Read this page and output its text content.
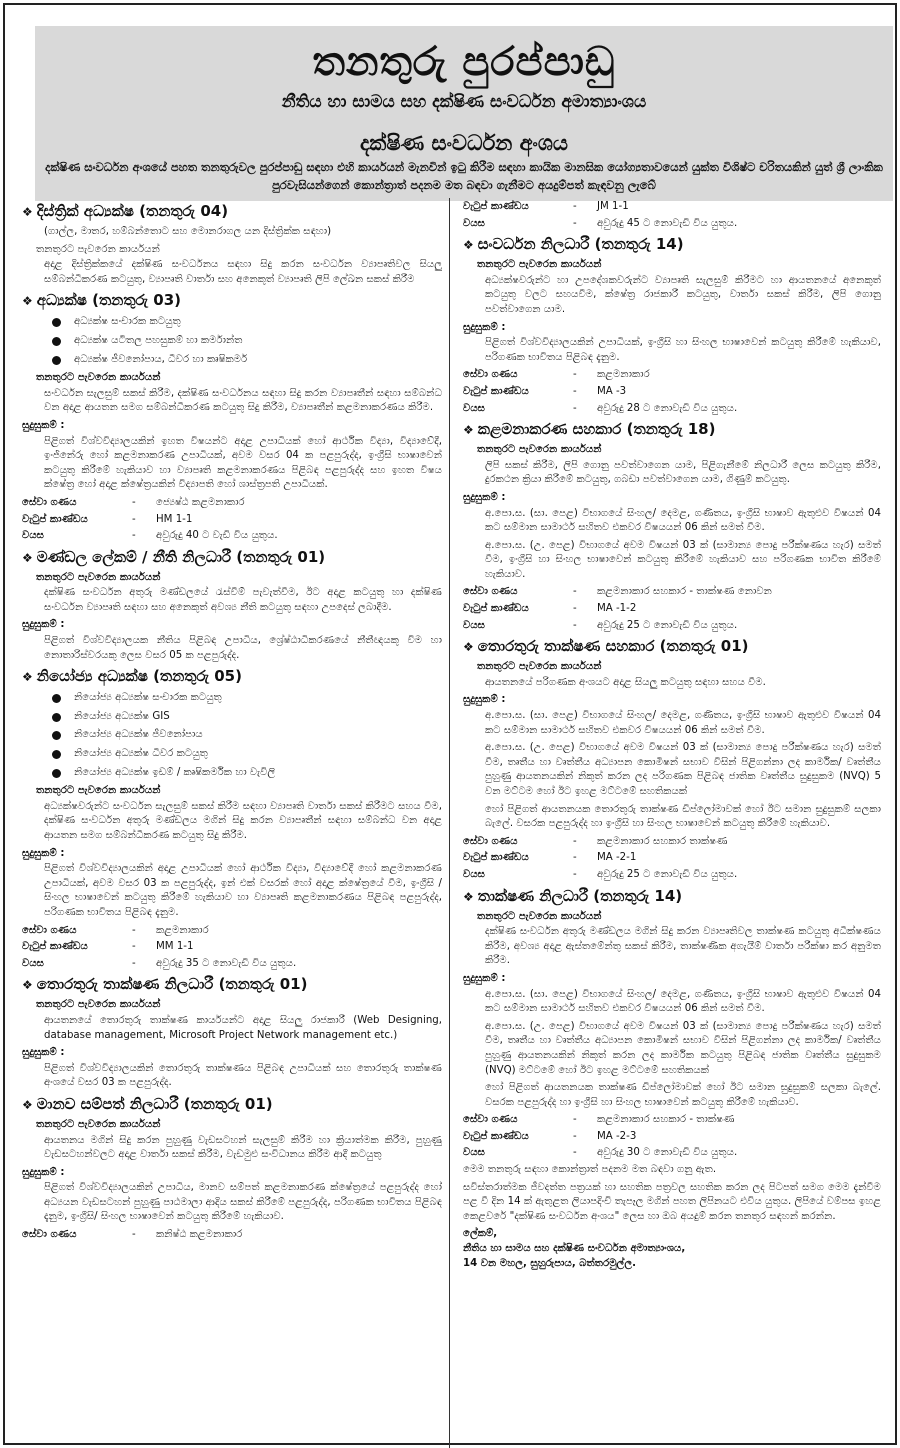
තනතුරු පුරප්පාඩු
නීතිය හා සාමය සහ දක්ෂිණ සංවර්ධන අමාත්‍යාංශය
දක්ෂිණ සංවර්ධන අංශය
දක්ෂිණ සංවර්ධන අංශයේ පහත තනතුරුවල පුරප්පාඩු සඳහා එහි කාර්යයන් මැනවින් ඉටු කිරීම සඳහා කායික මානසික යෝග්‍යතාවයෙන් යුක්ත විශිෂ්ට චරිතයකින් යුත් ශ්‍රී ලාංකික පුරවැසියන්ගෙන් කොන්ත්‍රාත් පදනම මත බඳවා ගැනීමට අයදුම්පත් කැඳවනු ලැබේ
❖ දිස්ත්‍රික් අධ්‍යක්ෂ (තනතුරු 04)
(ගාල්ල, මාතර, හම්බන්තොට සහ මොනරාගල යන දිස්ත්‍රික්ක සඳහා)
තනතුරට පැවරෙන කාර්යයන්
අදාළ දිස්ත්‍රික්කයේ දක්ෂිණ සංවර්ධනය සඳහා සිදු කරන සංවර්ධන ව්‍යාපෘතිවල සියලු සම්බන්ධීකරණ කටයුතු, ව්‍යාපෘති වාර්තා සහ අනෙකුත් ව්‍යාපෘති ලිපි ලේඛන සකස් කිරීම
❖ අධ්‍යක්ෂ (තනතුරු 03)
අධ්‍යක්ෂ සංචාරක කටයුතු
අධ්‍යක්ෂ යටිතල පහසුකම් හා කර්මාන්ත
අධ්‍යක්ෂ ජීවනෝපාය, ධීවර හා කෘෂිකර්ම
තනතුරට පැවරෙන කාර්යයන්
සංවර්ධන සැලසුම් සකස් කිරීම, දක්ෂිණ සංවර්ධනය සඳහා සිදු කරන ව්‍යාපෘතීන් සඳහා සම්බන්ධ වන අදාළ ආයතන සමග සම්බන්ධීකරණ කටයුතු සිදු කිරීම, ව්‍යාපෘතීන් කළමනාකරණය කිරීම.
සුදුසුකම් :
පිළිගත් විශ්වවිද්‍යාලයකින් ඉහත විෂයන්ට අදාළ උපාධියක් හෝ ආර්ථික විද්‍යා, විද්‍යාවේදී, ඉංජිනේරු හෝ කළමනාකරණ උපාධියක්, අවම වසර 04 ක පළපුරුද්ද, ඉංග්‍රීසි භාෂාවෙන් කටයුතු කිරීමේ හැකියාව හා ව්‍යාපෘති කළමනාකරණය පිළිබඳ පළපුරුද්ද සහ ඉහත විෂය ක්ෂේත්‍ර හෝ අදාළ ක්ෂේත්‍රයකින් විද්‍යාපති හෝ ශාස්ත්‍රපති උපාධියක්.
සේවා ගණය	-	ජ්‍යෙෂ්ඨ කළමනාකාර
වැටුප් කාණ්ඩය	-	HM 1-1
වයස	-	අවුරුදු 40 ට වැඩි විය යුතුය.
❖ මණ්ඩල ලේකම් / නීති නිලධාරී (තනතුරු 01)
තනතුරට පැවරෙන කාර්යයන්
දක්ෂිණ සංවර්ධන අතුරු මණ්ඩලයේ රැස්වීම් පැවැත්වීම, ඊට අදාළ කටයුතු හා දක්ෂිණ සංවර්ධන ව්‍යාපෘති සඳහා සහ අනෙකුත් අවශ්‍ය නීති කටයුතු සඳහා උපදෙස් ලබාදීම.
සුදුසුකම් :
පිළිගත් විශ්වවිද්‍යාලයක නීතිය පිළිබඳ උපාධිය, ශ්‍රේෂ්ඨාධිකරණයේ නීතීඥයකු විම හා නොතාරිස්වරයකු ලෙස වසර 05 ක පළපුරුද්ද.
❖ නියෝජ්‍ය අධ්‍යක්ෂ (තනතුරු 05)
නියෝජ්‍ය අධ්‍යක්ෂ සංචාරක කටයුතු
නියෝජ්‍ය අධ්‍යක්ෂ GIS
නියෝජ්‍ය අධ්‍යක්ෂ ජීවනෝපාය
නියෝජ්‍ය අධ්‍යක්ෂ ධීවර කටයුතු
නියෝජ්‍ය අධ්‍යක්ෂ ඉඩම් / කෘෂිකර්මික හා වැවිලි
තනතුරට පැවරෙන කාර්යයන්
අධ්‍යක්ෂවරුන්ට සංවර්ධන සැලසුම් සකස් කිරීම සඳහා ව්‍යාපෘති වාර්තා සකස් කිරීමට සහය වීම, දක්ෂිණ සංවර්ධන අතුරු මණ්ඩලය මගින් සිදු කරන ව්‍යාපෘතීන් සඳහා සම්බන්ධ වන අදාළ ආයතන සමග සම්බන්ධීකරණ කටයුතු සිදු කිරීම.
සුදුසුකම් :
පිළිගත් විශ්වවිද්‍යාලයකින් අදාළ උපාධියක් හෝ ආර්ථික විද්‍යා, විද්‍යාවේදී හෝ කළමනාකරණ උපාධියක්, අවම වසර 03 ක පළපුරුද්ද, ඉන් එක් වසරක් හෝ අදාළ ක්ෂේත්‍රයේ වීම, ඉංග්‍රීසි / සිංහල භාෂාවෙන් කටයුතු කිරීමේ හැකියාව හා ව්‍යාපෘති කළමනාකරණය පිළිබඳ පළපුරුද්ද, පරිගණක භාවිතය පිළිබඳ දැනුම.
සේවා ගණය	-	කළමනාකාර
වැටුප් කාණ්ඩය	-	MM 1-1
වයස	-	අවුරුදු 35 ට නොවැඩි විය යුතුය.
❖ තොරතුරු තාක්ෂණ නිලධාරී (තනතුරු 01)
තනතුරට පැවරෙන කාර්යයන්
ආයතනයේ තොරතුරු තාක්ෂණ කාර්යයන්ට අදාළ සියලු රාජකාරී (Web Designing, database management, Microsoft Project Network management etc.)
සුදුසුකම් :
පිළිගත් විශ්වවිද්‍යාලයකින් තොරතුරු තාක්ෂණය පිළිබඳ උපාධියක් සහ තොරතුරු තාක්ෂණ අංශයේ වසර 03 ක පළපුරුද්ද.
❖ මානව සම්පත් නිලධාරී (තනතුරු 01)
තනතුරට පැවරෙන කාර්යයන්
ආයතනය මගින් සිදු කරන පුහුණු වැඩසටහන් සැලසුම් කිරීම හා ක්‍රියාත්මක කිරීම, පුහුණු වැඩසටහන්වලට අදාළ වාර්තා සකස් කිරීම, වැඩමුළු සංවිධානය කිරීම ආදී කටයුතු
සුදුසුකම් :
පිළිගත් විශ්වවිද්‍යාලයකින් උපාධිය, මානව සම්පත් කළමනාකරණ ක්ෂේත්‍රයේ පළපුරුද්ද හෝ අධ්‍යයන වැඩසටහන් පුහුණු පාඨමාලා ආදිය සකස් කිරීමේ පළපුරුද්ද, පරිගණක භාවිතය පිළිබඳ දැනුම, ඉංග්‍රීසි/ සිංහල භාෂාවෙන් කටයුතු කිරීමේ හැකියාව.
සේවා ගණය	-	කනිෂ්ඨ කළමනාකාර
වැටුප් කාණ්ඩය	-	JM 1-1
වයස	-	අවුරුදු 45 ට නොවැඩි විය යුතුය.
❖ සංවර්ධන නිලධාරී (තනතුරු 14)
තනතුරට පැවරෙන කාර්යයන්
අධ්‍යක්ෂවරුන්ට හා උපදේශකවරුන්ට ව්‍යාපෘති සැලසුම් කිරීමට හා ආයතනයේ අනෙකුත් කටයුතු වලට සහයවීම, ක්ෂේත්‍ර රාජකාරී කටයුතු, වාර්තා සකස් කිරීම, ලිපි ගොනු පවත්වාගෙන යාම.
සුදුසුකම් :
පිළිගත් විශ්වවිද්‍යාලයකින් උපාධියක්, ඉංග්‍රීසි හා සිංහල භාෂාවෙන් කටයුතු කිරීමේ හැකියාව, පරිගණක භාවිතය පිළිබඳ දැනුම.
සේවා ගණය	-	කළමනාකාර
වැටුප් කාණ්ඩය	-	MA -3
වයස	-	අවුරුදු 28 ට නොවැඩි විය යුතුය.
❖ කළමනාකරණ සහකාර (තනතුරු 18)
තනතුරට පැවරෙන කාර්යයන්
ලිපි සකස් කිරීම, ලිපි ගොනු පවත්වාගෙන යාම, පිළිගැනීමේ නිලධාරී ලෙස කටයුතු කිරීම, දුරකථන ක්‍රියා කිරීමේ කටයුතු, ගබඩා පවත්වාගෙන යාම, ගිණුම් කටයුතු.
සුදුසුකම් :
අ.පො.ස. (සා. පෙළ) විභාගයේ සිංහල/ දෙමළ, ගණිතය, ඉංග්‍රීසි භාෂාව ඇතුළුව විෂයන් 04 කට සම්මාන සාමාර්ථ සහිතව එකවර විෂයයන් 06 කින් සමත් වීම.
අ.පො.ස. (උ. පෙළ) විභාගයේ අවම විෂයන් 03 ක් (සාමාන්‍ය පොදු පරීක්ෂණය හැර) සමත් වීම, ඉංග්‍රීසි හා සිංහල භාෂාවෙන් කටයුතු කිරීමේ හැකියාව සහ පරිගණක භාවිත කිරීමේ හැකියාව.
සේවා ගණය	-	කළමනාකාර සහකාර - තාක්ෂණ නොවන
වැටුප් කාණ්ඩය	-	MA -1-2
වයස	-	අවුරුදු 25 ට නොවැඩි විය යුතුය.
❖ තොරතුරු තාක්ෂණ සහකාර (තනතුරු 01)
තනතුරට පැවරෙන කාර්යයන්
ආයතනයේ පරිගණක අංශයට අදාළ සියලු කටයුතු සඳහා සහය වීම.
සුදුසුකම් :
අ.පො.ස. (සා. පෙළ) විභාගයේ සිංහල/ දෙමළ, ගණිතය, ඉංග්‍රීසි භාෂාව ඇතුළුව විෂයන් 04 කට සම්මාන සාමාර්ථ සහිතව එකවර විෂයයන් 06 කින් සමත් වීම.
අ.පො.ස. (උ. පෙළ) විභාගයේ අවම විෂයන් 03 ක් (සාමාන්‍ය පොදු පරීක්ෂණය හැර) සමත් වීම, තෘතීය හා වෘත්තීය අධ්‍යාපන කොමිෂන් සභාව විසින් පිළිගන්නා ලද කාර්මික/ වෘත්තීය පුහුණු ආයතනයකින් නිකුත් කරන ලද පරිගණක පිළිබඳ ජාතික වෘත්තීය සුදුසුකම (NVQ) 5 වන මට්ටම හෝ ඊට ඉහළ මට්ටමේ සහතිකයක්
හෝ පිළිගත් ආයතනයක තොරතුරු තාක්ෂණ ඩිප්ලෝමාවක් හෝ ඊට සමාන සුදුසුකම් සලකා බැලේ. වසරක පළපුරුද්ද හා ඉංග්‍රීසි හා සිංහල භාෂාවෙන් කටයුතු කිරීමේ හැකියාව.
සේවා ගණය	-	කළමනාකාර සහකාර තාක්ෂණ
වැටුප් කාණ්ඩය	-	MA -2-1
වයස	-	අවුරුදු 25 ට නොවැඩි විය යුතුය.
❖ තාක්ෂණ නිලධාරී (තනතුරු 14)
තනතුරට පැවරෙන කාර්යයන්
දක්ෂිණ සංවර්ධන අතුරු මණ්ඩලය මගින් සිදු කරන ව්‍යාපෘතිවල තාක්ෂණ කටයුතු අධීක්ෂණය කිරීම, අවශ්‍ය අදාළ ඇස්තමේන්තු සකස් කිරීම, තාක්ෂණික අගැයීම් වාර්තා පරීක්ෂා කර අනුමත කිරීම.
සුදුසුකම් :
අ.පො.ස. (සා. පෙළ) විභාගයේ සිංහල/ දෙමළ, ගණිතය, ඉංග්‍රීසි භාෂාව ඇතුළුව විෂයන් 04 කට සම්මාන සාමාර්ථ සහිතව එකවර විෂයයන් 06 කින් සමත් වීම.
අ.පො.ස. (උ. පෙළ) විභාගයේ අවම විෂයන් 03 ක් (සාමාන්‍ය පොදු පරීක්ෂණය හැර) සමත් වීම, තෘතීය හා වෘත්තීය අධ්‍යාපන කොමිෂන් සභාව විසින් පිළිගන්නා ලද කාර්මික/ වෘත්තීය පුහුණු ආයතනයකින් නිකුත් කරන ලද කාර්මික කටයුතු පිළිබඳ ජාතික වෘත්තීය සුදුසුකම (NVQ) මට්ටමේ හෝ ඊට ඉහළ මට්ටමේ සහතිකයක්
හෝ පිළිගත් ආයතනයක තාක්ෂණ ඩිප්ලෝමාවක් හෝ ඊට සමාන සුදුසුකම් සලකා බැලේ. වසරක පළපුරුද්ද හා ඉංග්‍රීසි හා සිංහල භාෂාවෙන් කටයුතු කිරීමේ හැකියාව.
සේවා ගණය	-	කළමනාකාර සහකාර - තාක්ෂණ
වැටුප් කාණ්ඩය	-	MA -2-3
වයස	-	අවුරුදු 30 ට නොවැඩි විය යුතුය.
මෙම තනතුරු සඳහා කොන්ත්‍රාත් පදනම මත බඳවා ගනු ඇත.
සවිස්තරාත්මක ජීවදත්ත පත්‍රයක් හා සහතික පත්‍රවල සහතික කරන ලද පිටපත් සමග මෙම දැන්වීම පළ වී දින 14 ක් ඇතුළත ලියාපදිංචි තැපෑල මගින් පහත ලිපිනයට එවිය යුතුය. ලිපියේ වම්පස ඉහළ කෙළවරේ "දක්ෂිණ සංවර්ධන අංශය" ලෙස හා ඔබ අයදුම් කරන තනතුර සඳහන් කරන්න.
ලේකම්,
නීතිය හා සාමය සහ දක්ෂිණ සංවර්ධන අමාත්‍යාංශය,
14 වන මහල, සුහුරුපාය, බත්තරමුල්ල.
